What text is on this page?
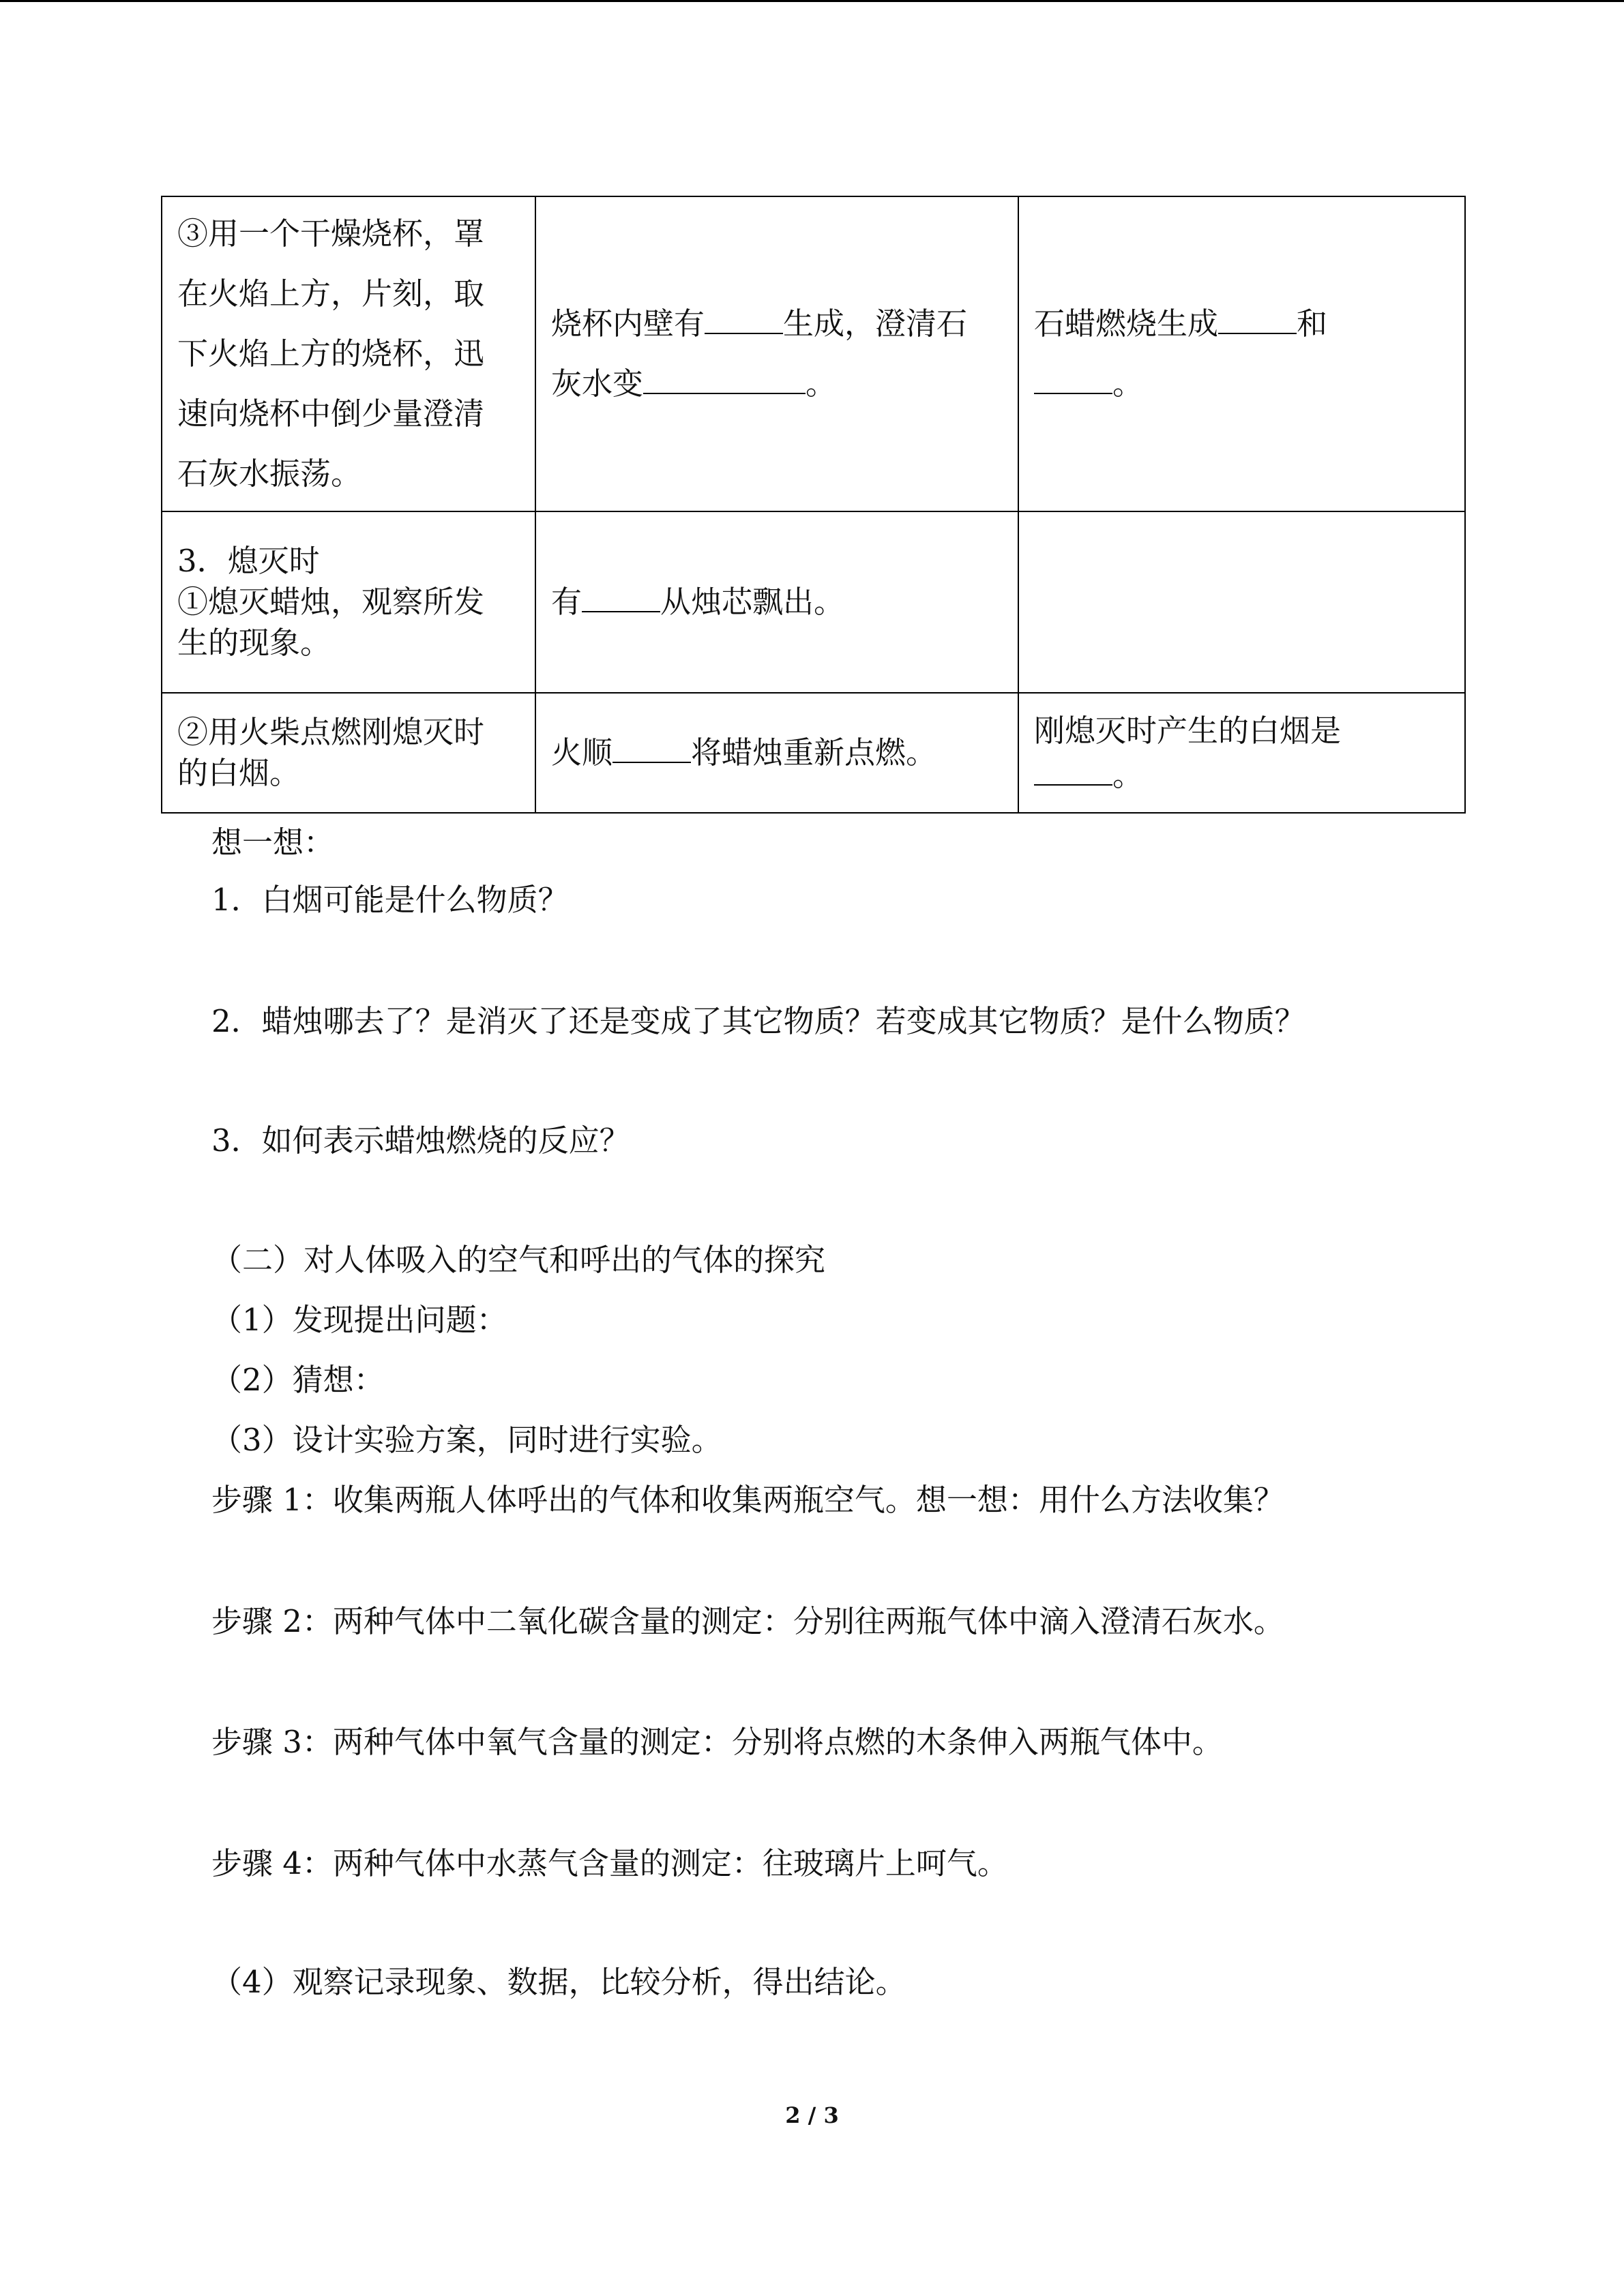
③用一个干燥烧杯，罩
在火焰上方，片刻，取
下火焰上方的烧杯，迅
速向烧杯中倒少量澄清
石灰水振荡。	烧杯内壁有 生成，澄清石
灰水变 。	石蜡燃烧生成 和
。

3．熄灭时
①熄灭蜡烛，观察所发
生的现象。	有 从烛芯飘出。	

②用火柴点燃刚熄灭时
的白烟。	火顺 将蜡烛重新点燃。	刚熄灭时产生的白烟是
。
想一想：
1．白烟可能是什么物质？
2．蜡烛哪去了？是消灭了还是变成了其它物质？若变成其它物质？是什么物质？
3．如何表示蜡烛燃烧的反应？
（二）对人体吸入的空气和呼出的气体的探究
（1）发现提出问题：
（2）猜想：
（3）设计实验方案，同时进行实验。
步骤 1：收集两瓶人体呼出的气体和收集两瓶空气。想一想：用什么方法收集？
步骤 2：两种气体中二氧化碳含量的测定：分别往两瓶气体中滴入澄清石灰水。
步骤 3：两种气体中氧气含量的测定：分别将点燃的木条伸入两瓶气体中。
步骤 4：两种气体中水蒸气含量的测定：往玻璃片上呵气。
（4）观察记录现象、数据，比较分析，得出结论。
2 / 3
